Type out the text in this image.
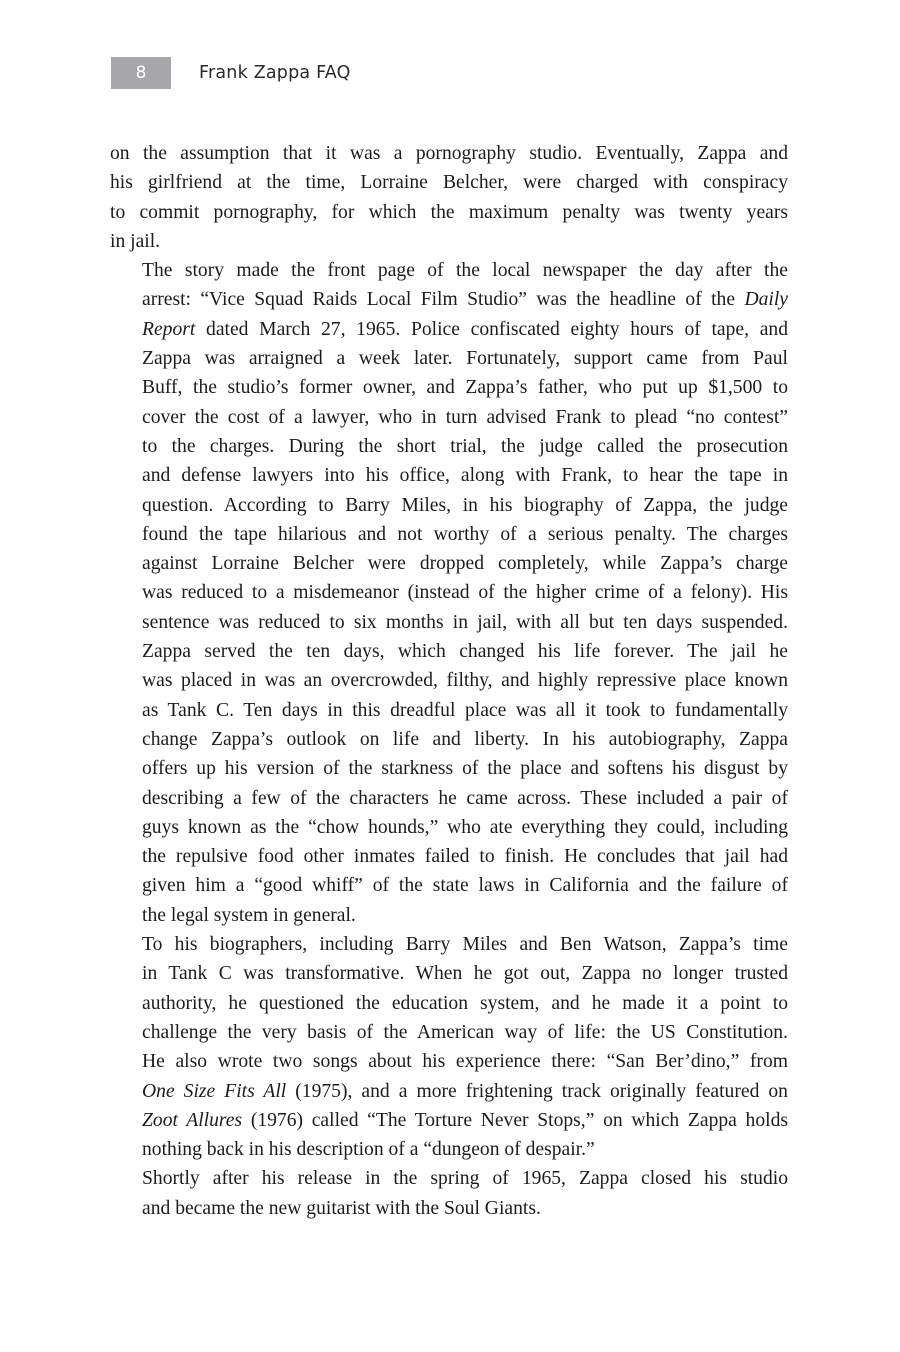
8	Frank Zappa FAQ

on the assumption that it was a pornography studio. Eventually, Zappa and
his girlfriend at the time, Lorraine Belcher, were charged with conspiracy
to commit pornography, for which the maximum penalty was twenty years
in jail.

The story made the front page of the local newspaper the day after the
arrest: “Vice Squad Raids Local Film Studio” was the headline of the Daily
Report dated March 27, 1965. Police confiscated eighty hours of tape, and
Zappa was arraigned a week later. Fortunately, support came from Paul
Buff, the studio’s former owner, and Zappa’s father, who put up $1,500 to
cover the cost of a lawyer, who in turn advised Frank to plead “no contest”
to the charges. During the short trial, the judge called the prosecution
and defense lawyers into his office, along with Frank, to hear the tape in
question. According to Barry Miles, in his biography of Zappa, the judge
found the tape hilarious and not worthy of a serious penalty. The charges
against Lorraine Belcher were dropped completely, while Zappa’s charge
was reduced to a misdemeanor (instead of the higher crime of a felony). His
sentence was reduced to six months in jail, with all but ten days suspended.

Zappa served the ten days, which changed his life forever. The jail he
was placed in was an overcrowded, filthy, and highly repressive place known
as Tank C. Ten days in this dreadful place was all it took to fundamentally
change Zappa’s outlook on life and liberty. In his autobiography, Zappa
offers up his version of the starkness of the place and softens his disgust by
describing a few of the characters he came across. These included a pair of
guys known as the “chow hounds,” who ate everything they could, including
the repulsive food other inmates failed to finish. He concludes that jail had
given him a “good whiff” of the state laws in California and the failure of
the legal system in general.

To his biographers, including Barry Miles and Ben Watson, Zappa’s time
in Tank C was transformative. When he got out, Zappa no longer trusted
authority, he questioned the education system, and he made it a point to
challenge the very basis of the American way of life: the US Constitution.
He also wrote two songs about his experience there: “San Ber’dino,” from
One Size Fits All (1975), and a more frightening track originally featured on
Zoot Allures (1976) called “The Torture Never Stops,” on which Zappa holds
nothing back in his description of a “dungeon of despair.”

Shortly after his release in the spring of 1965, Zappa closed his studio
and became the new guitarist with the Soul Giants.
